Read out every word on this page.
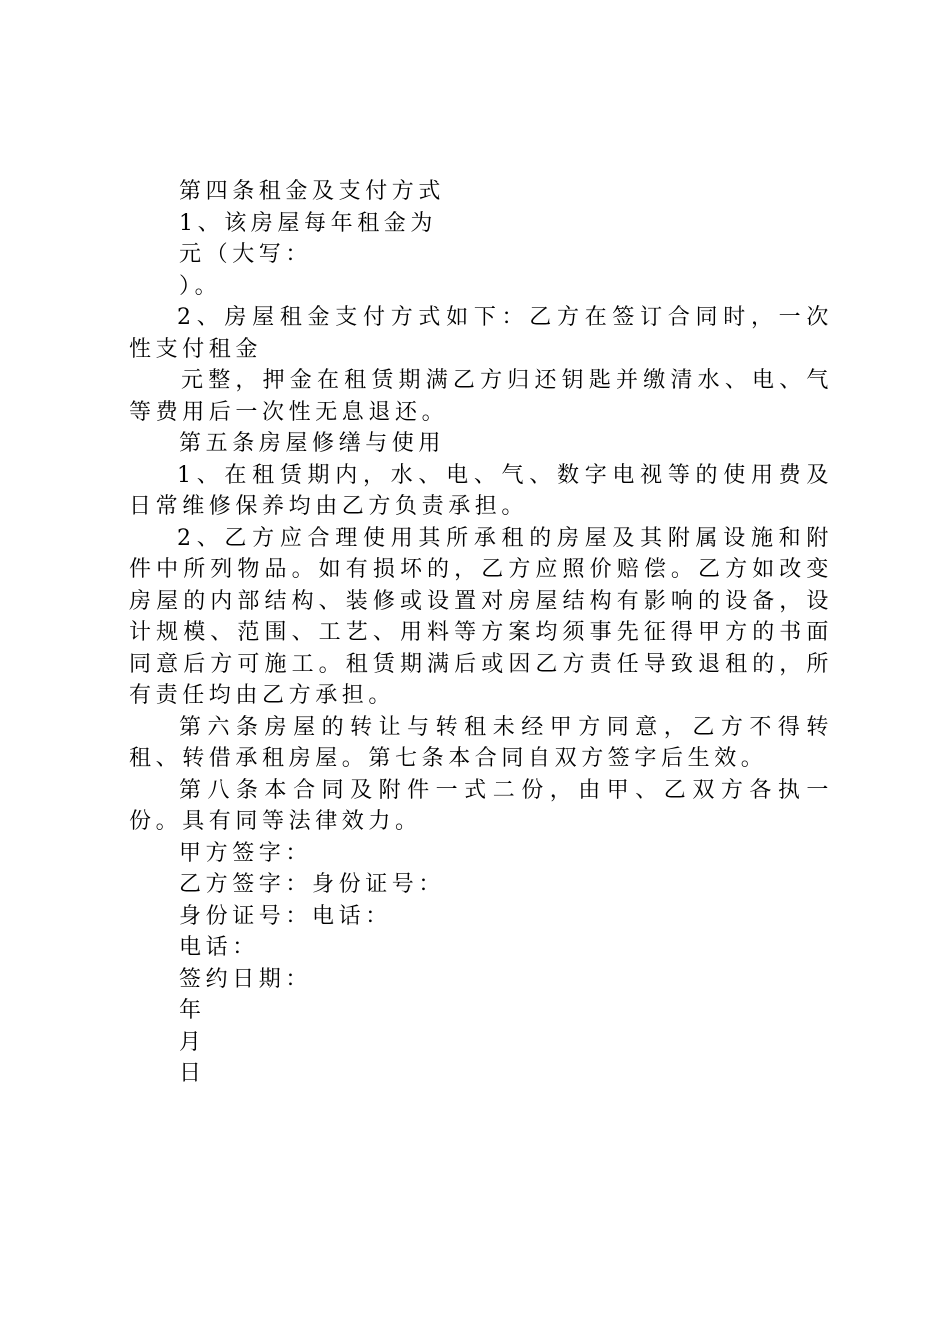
第四条租金及支付方式

1、该房屋每年租金为

元（大写：

）。

2、房屋租金支付方式如下：乙方在签订合同时，一次性支付租金

元整，押金在租赁期满乙方归还钥匙并缴清水、电、气等费用后一次性无息退还。

第五条房屋修缮与使用

1、在租赁期内，水、电、气、数字电视等的使用费及日常维修保养均由乙方负责承担。

2、乙方应合理使用其所承租的房屋及其附属设施和附件中所列物品。如有损坏的，乙方应照价赔偿。乙方如改变房屋的内部结构、装修或设置对房屋结构有影响的设备，设计规模、范围、工艺、用料等方案均须事先征得甲方的书面同意后方可施工。租赁期满后或因乙方责任导致退租的，所有责任均由乙方承担。

第六条房屋的转让与转租未经甲方同意，乙方不得转租、转借承租房屋。第七条本合同自双方签字后生效。

第八条本合同及附件一式二份，由甲、乙双方各执一份。具有同等法律效力。

甲方签字：

乙方签字：身份证号：

身份证号：电话：

电话：

签约日期：

年

月

日
